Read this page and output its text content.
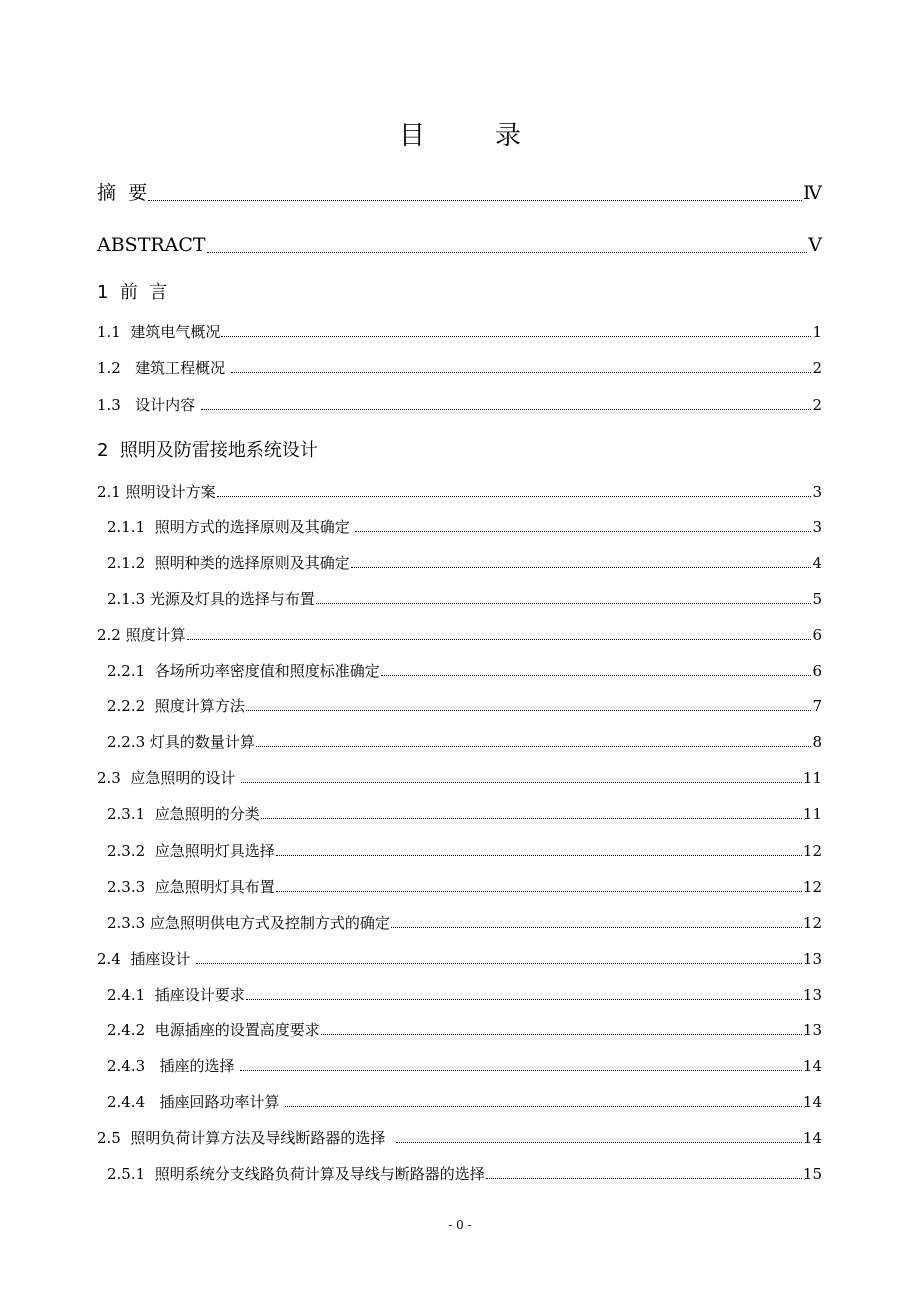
目　录
摘  要	Ⅳ
ABSTRACT	Ⅴ
1  前  言
1.1  建筑电气概况	1
1.2   建筑工程概况	2
1.3   设计内容	2
2  照明及防雷接地系统设计
2.1 照明设计方案	3
2.1.1  照明方式的选择原则及其确定	3
2.1.2  照明种类的选择原则及其确定	4
2.1.3 光源及灯具的选择与布置	5
2.2 照度计算	6
2.2.1  各场所功率密度值和照度标准确定	6
2.2.2  照度计算方法	7
2.2.3 灯具的数量计算	8
2.3  应急照明的设计	11
2.3.1  应急照明的分类	11
2.3.2  应急照明灯具选择	12
2.3.3  应急照明灯具布置	12
2.3.3 应急照明供电方式及控制方式的确定	12
2.4  插座设计	13
2.4.1  插座设计要求	13
2.4.2  电源插座的设置高度要求	13
2.4.3   插座的选择	14
2.4.4   插座回路功率计算	14
2.5  照明负荷计算方法及导线断路器的选择	14
2.5.1  照明系统分支线路负荷计算及导线与断路器的选择	15
- 0 -
